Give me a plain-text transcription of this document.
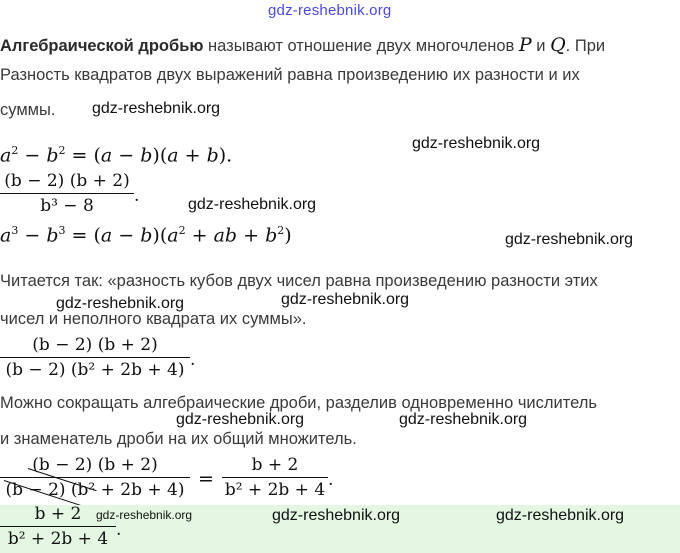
gdz-reshebnik.org
Алгебраической дробью называют отношение двух многочленов P и Q. При
Разность квадратов двух выражений равна произведению их разности и их
суммы. gdz-reshebnik.org
$a^2 - b^2 = (a - b)(a + b)$.
gdz-reshebnik.org
(b − 2) (b + 2)
b³ − 8	.	gdz-reshebnik.org
$a^3 - b^3 = (a - b)(a^2$ + ab + $b^2$)	gdz-reshebnik.org
Читается так: «разность кубов двух чисел равна произведению разности этих
gdz-reshebnik.org	gdz-reshebnik.org
чисел и неполного квадрата их суммы».
(b − 2) (b + 2)
(b − 2) (b² + 2b + 4) .
Можно сокращать алгебраические дроби, разделив одновременно числитель
gdz-reshebnik.org	gdz-reshebnik.org
и знаменатель дроби на их общий множитель.
(b − 2) (b + 2)
(b − 2) (b² + 2b + 4) =
b + 2
b² + 2b + 4 .
b + 2
b² + 2b + 4 .
gdz-reshebnik.org	gdz-reshebnik.org	gdz-reshebnik.org
